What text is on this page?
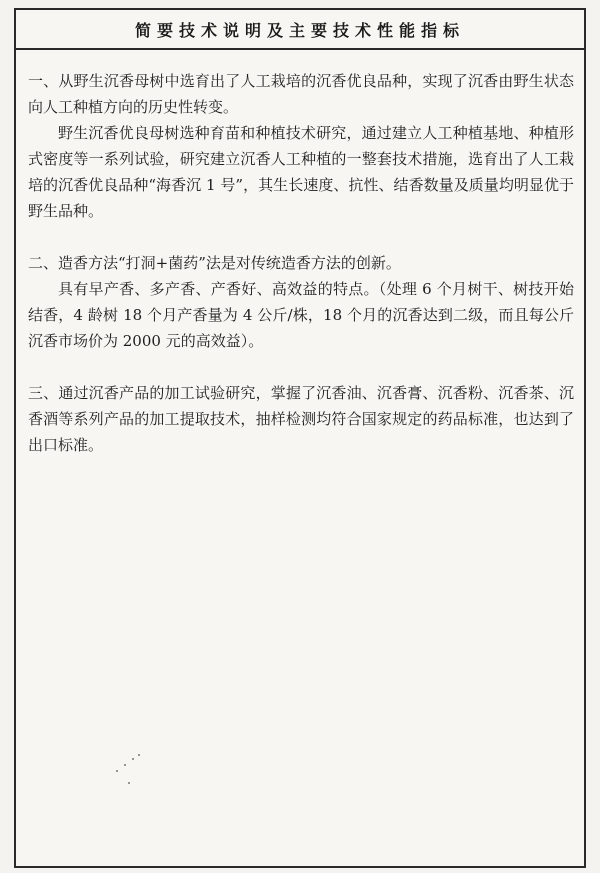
简要技术说明及主要技术性能指标

一、从野生沉香母树中选育出了人工栽培的沉香优良品种，实现了沉香由野生状态向人工种植方向的历史性转变。

野生沉香优良母树选种育苗和种植技术研究，通过建立人工种植基地、种植形式密度等一系列试验，研究建立沉香人工种植的一整套技术措施，选育出了人工栽培的沉香优良品种“海香沉 1 号”，其生长速度、抗性、结香数量及质量均明显优于野生品种。

二、造香方法“打洞+菌药”法是对传统造香方法的创新。

具有早产香、多产香、产香好、高效益的特点。（处理 6 个月树干、树技开始结香，4 龄树 18 个月产香量为 4 公斤/株，18 个月的沉香达到二级，而且每公斤沉香市场价为 2000 元的高效益）。

三、通过沉香产品的加工试验研究，掌握了沉香油、沉香膏、沉香粉、沉香茶、沉香酒等系列产品的加工提取技术，抽样检测均符合国家规定的药品标准，也达到了出口标准。
